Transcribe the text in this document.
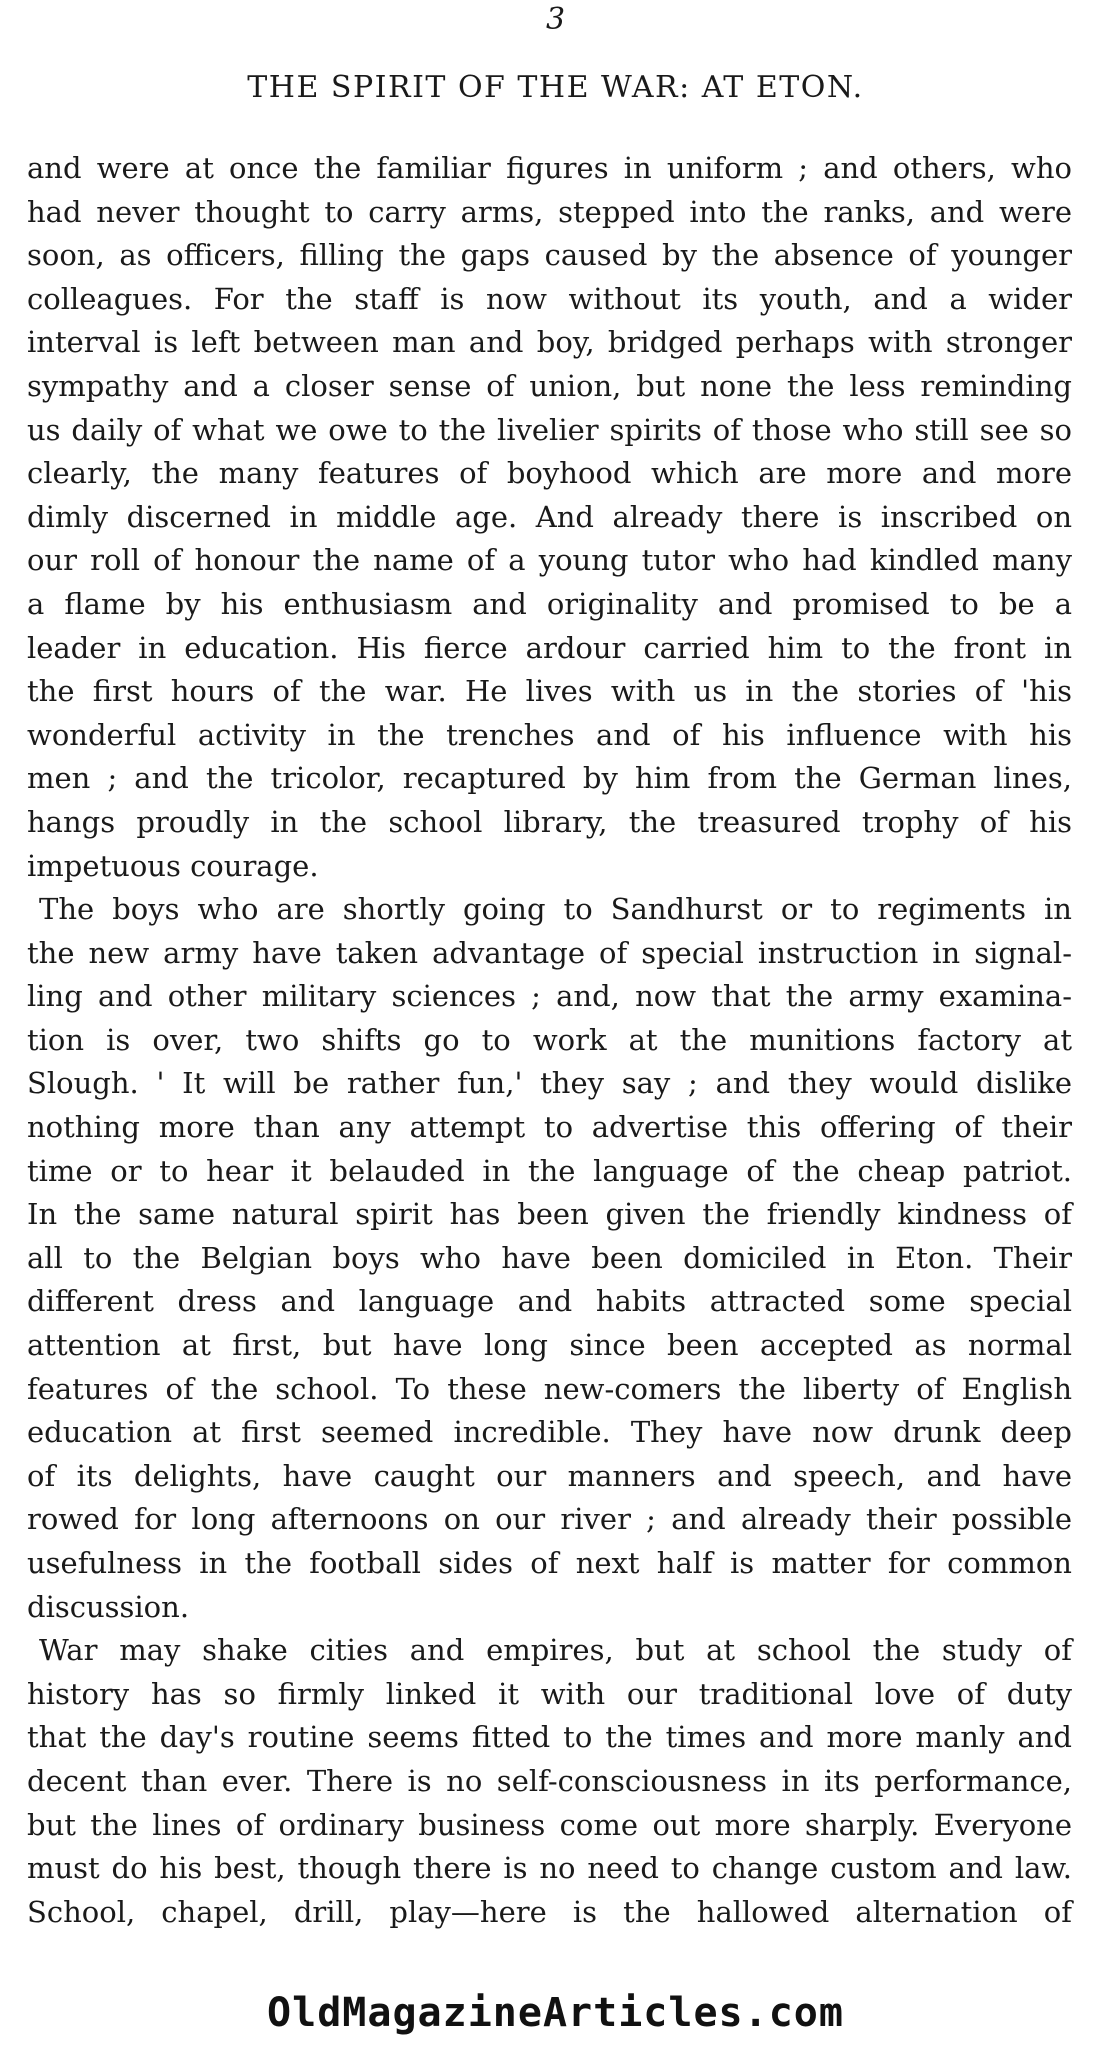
3
THE SPIRIT OF THE WAR: AT ETON.
and were at once the familiar figures in uniform ; and others, who
had never thought to carry arms, stepped into the ranks, and were
soon, as officers, filling the gaps caused by the absence of younger
colleagues. For the staff is now without its youth, and a wider
interval is left between man and boy, bridged perhaps with stronger
sympathy and a closer sense of union, but none the less reminding
us daily of what we owe to the livelier spirits of those who still see so
clearly, the many features of boyhood which are more and more
dimly discerned in middle age. And already there is inscribed on
our roll of honour the name of a young tutor who had kindled many
a flame by his enthusiasm and originality and promised to be a
leader in education. His fierce ardour carried him to the front in
the first hours of the war. He lives with us in the stories of 'his
wonderful activity in the trenches and of his influence with his
men ; and the tricolor, recaptured by him from the German lines,
hangs proudly in the school library, the treasured trophy of his
impetuous courage.
The boys who are shortly going to Sandhurst or to regiments in
the new army have taken advantage of special instruction in signal-
ling and other military sciences ; and, now that the army examina-
tion is over, two shifts go to work at the munitions factory at
Slough. ' It will be rather fun,' they say ; and they would dislike
nothing more than any attempt to advertise this offering of their
time or to hear it belauded in the language of the cheap patriot.
In the same natural spirit has been given the friendly kindness of
all to the Belgian boys who have been domiciled in Eton. Their
different dress and language and habits attracted some special
attention at first, but have long since been accepted as normal
features of the school. To these new-comers the liberty of English
education at first seemed incredible. They have now drunk deep
of its delights, have caught our manners and speech, and have
rowed for long afternoons on our river ; and already their possible
usefulness in the football sides of next half is matter for common
discussion.
War may shake cities and empires, but at school the study of
history has so firmly linked it with our traditional love of duty
that the day's routine seems fitted to the times and more manly and
decent than ever. There is no self-consciousness in its performance,
but the lines of ordinary business come out more sharply. Everyone
must do his best, though there is no need to change custom and law.
School, chapel, drill, play—here is the hallowed alternation of
OldMagazineArticles.com
